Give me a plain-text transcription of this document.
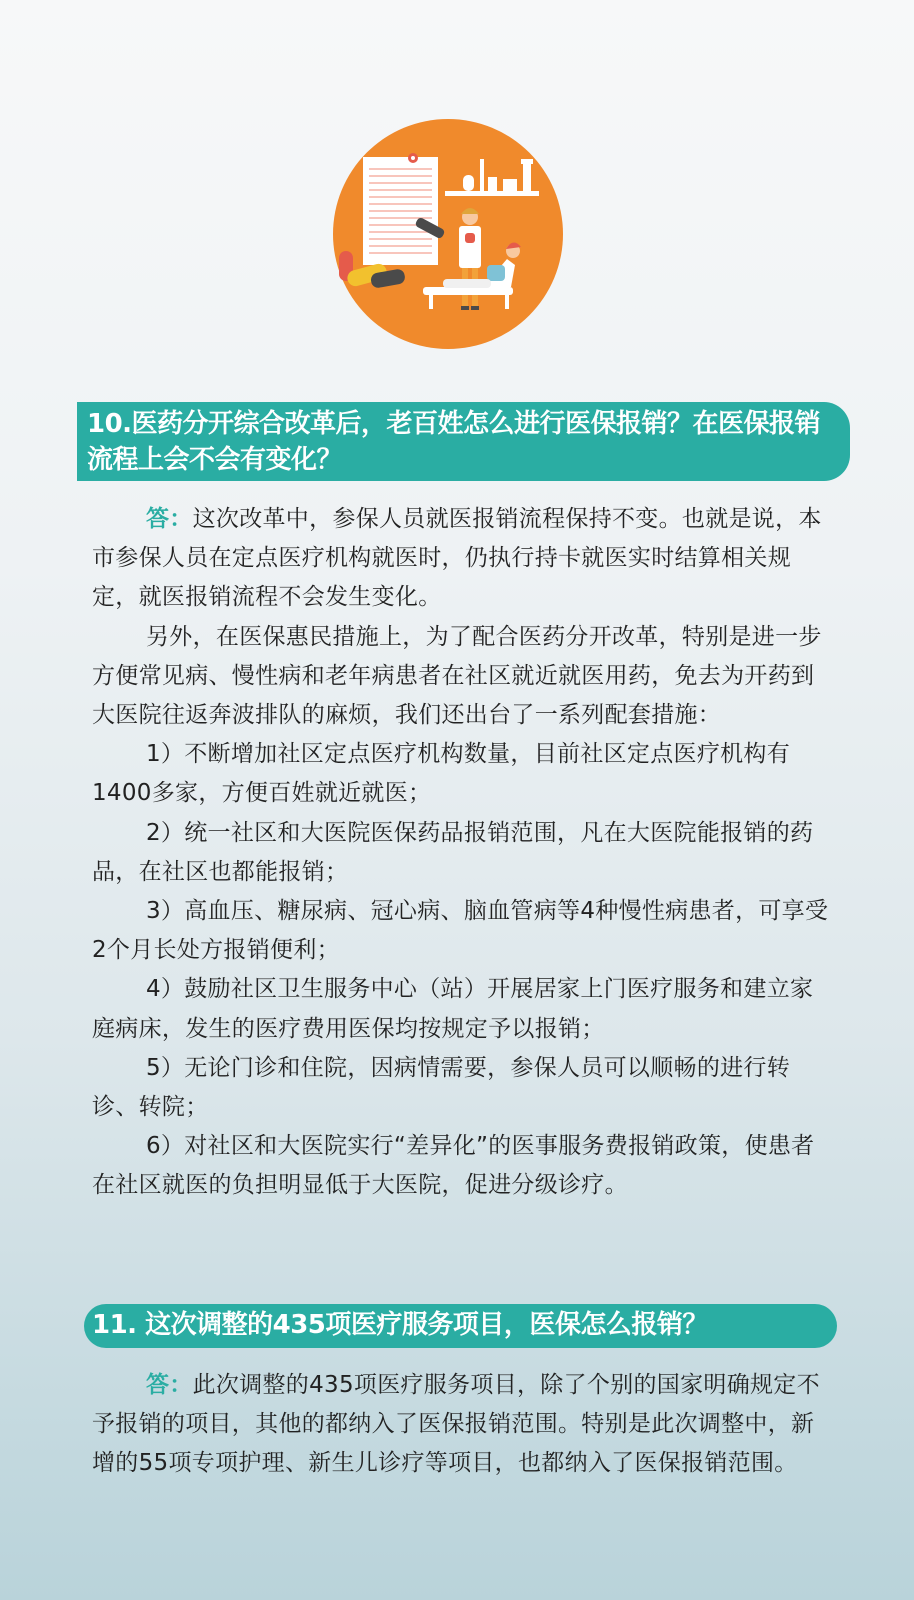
10.医药分开综合改革后，老百姓怎么进行医保报销？在医保报销流程上会不会有变化？

答：这次改革中，参保人员就医报销流程保持不变。也就是说，本市参保人员在定点医疗机构就医时，仍执行持卡就医实时结算相关规定，就医报销流程不会发生变化。

另外，在医保惠民措施上，为了配合医药分开改革，特别是进一步方便常见病、慢性病和老年病患者在社区就近就医用药，免去为开药到大医院往返奔波排队的麻烦，我们还出台了一系列配套措施：

1）不断增加社区定点医疗机构数量，目前社区定点医疗机构有1400多家，方便百姓就近就医；

2）统一社区和大医院医保药品报销范围，凡在大医院能报销的药品，在社区也都能报销；

3）高血压、糖尿病、冠心病、脑血管病等4种慢性病患者，可享受2个月长处方报销便利；

4）鼓励社区卫生服务中心（站）开展居家上门医疗服务和建立家庭病床，发生的医疗费用医保均按规定予以报销；

5）无论门诊和住院，因病情需要，参保人员可以顺畅的进行转诊、转院；

6）对社区和大医院实行“差异化”的医事服务费报销政策，使患者在社区就医的负担明显低于大医院，促进分级诊疗。

11. 这次调整的435项医疗服务项目，医保怎么报销？

答：此次调整的435项医疗服务项目，除了个别的国家明确规定不予报销的项目，其他的都纳入了医保报销范围。特别是此次调整中，新增的55项专项护理、新生儿诊疗等项目，也都纳入了医保报销范围。
